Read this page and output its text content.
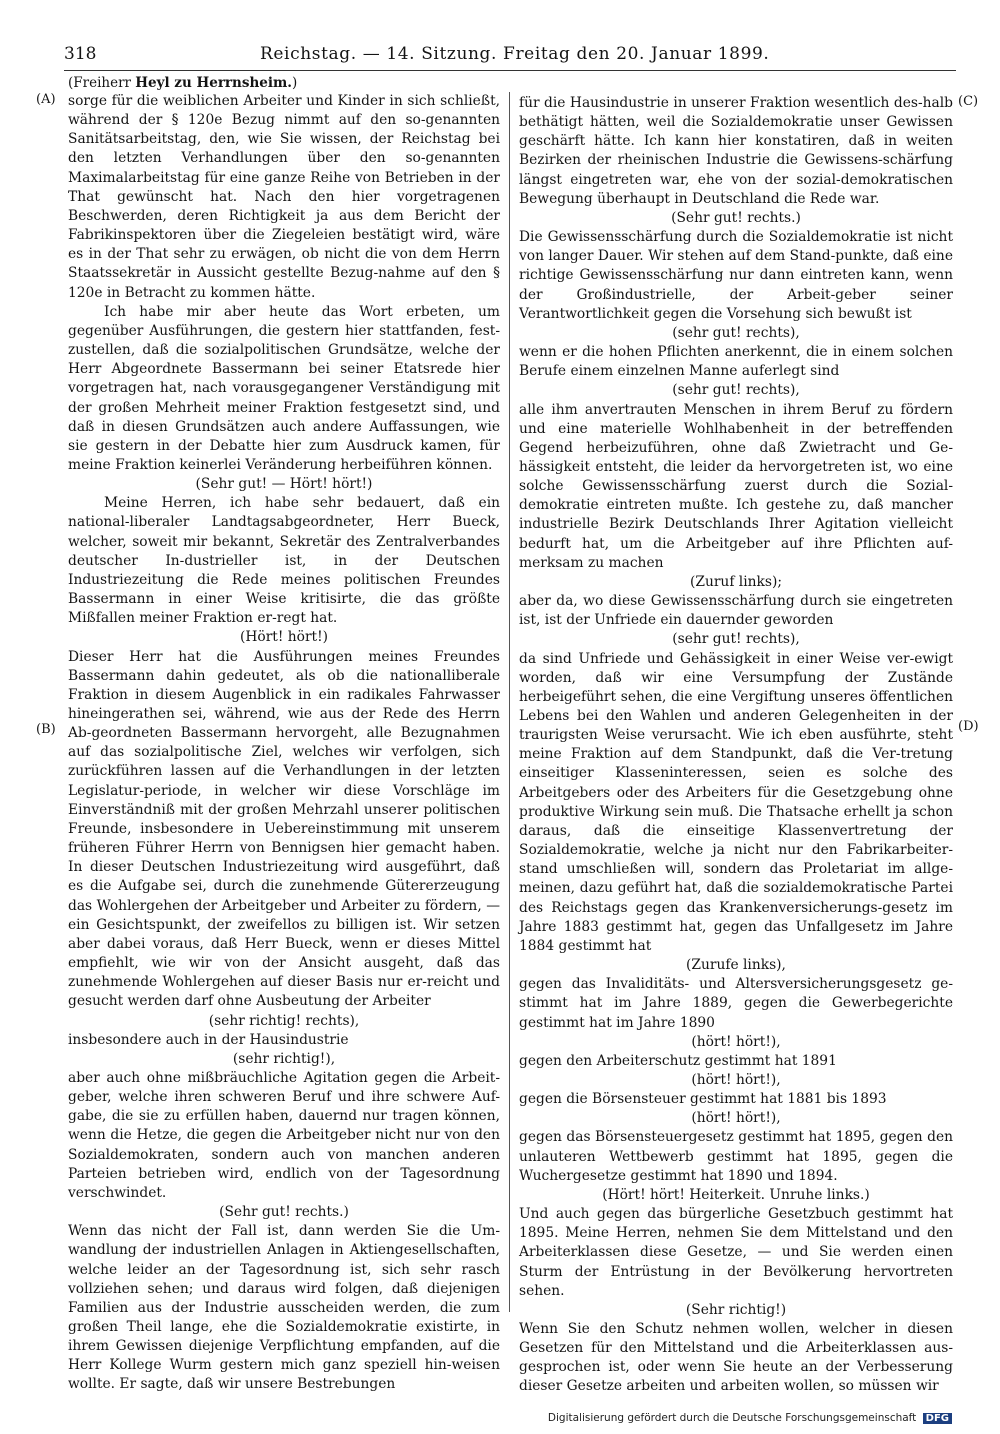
318	Reichstag. — 14. Sitzung. Freitag den 20. Januar 1899.
(Freiherr Heyl zu Herrnsheim.)
(A)
(B)
(C)
(D)

sorge für die weiblichen Arbeiter und Kinder in sich schließt, während der § 120e Bezug nimmt auf den so-genannten Sanitätsarbeitstag, den, wie Sie wissen, der Reichstag bei den letzten Verhandlungen über den so-genannten Maximalarbeitstag für eine ganze Reihe von Betrieben in der That gewünscht hat. Nach den hier vorgetragenen Beschwerden, deren Richtigkeit ja aus dem Bericht der Fabrikinspektoren über die Ziegeleien bestätigt wird, wäre es in der That sehr zu erwägen, ob nicht die von dem Herrn Staatssekretär in Aussicht gestellte Bezug-nahme auf den § 120e in Betracht zu kommen hätte.

Ich habe mir aber heute das Wort erbeten, um gegenüber Ausführungen, die gestern hier stattfanden, fest-zustellen, daß die sozialpolitischen Grundsätze, welche der Herr Abgeordnete Bassermann bei seiner Etatsrede hier vorgetragen hat, nach vorausgegangener Verständigung mit der großen Mehrheit meiner Fraktion festgesetzt sind, und daß in diesen Grundsätzen auch andere Auffassungen, wie sie gestern in der Debatte hier zum Ausdruck kamen, für meine Fraktion keinerlei Veränderung herbeiführen können.

(Sehr gut! — Hört! hört!)

Meine Herren, ich habe sehr bedauert, daß ein national-liberaler Landtagsabgeordneter, Herr Bueck, welcher, soweit mir bekannt, Sekretär des Zentralverbandes deutscher In-dustrieller ist, in der Deutschen Industriezeitung die Rede meines politischen Freundes Bassermann in einer Weise kritisirte, die das größte Mißfallen meiner Fraktion er-regt hat.

(Hört! hört!)

Dieser Herr hat die Ausführungen meines Freundes Bassermann dahin gedeutet, als ob die nationalliberale Fraktion in diesem Augenblick in ein radikales Fahrwasser hineingerathen sei, während, wie aus der Rede des Herrn Ab-geordneten Bassermann hervorgeht, alle Bezugnahmen auf das sozialpolitische Ziel, welches wir verfolgen, sich zurückführen lassen auf die Verhandlungen in der letzten Legislatur-periode, in welcher wir diese Vorschläge im Einverständniß mit der großen Mehrzahl unserer politischen Freunde, insbesondere in Uebereinstimmung mit unserem früheren Führer Herrn von Bennigsen hier gemacht haben. In dieser Deutschen Industriezeitung wird ausgeführt, daß es die Aufgabe sei, durch die zunehmende Gütererzeugung das Wohlergehen der Arbeitgeber und Arbeiter zu fördern, — ein Gesichtspunkt, der zweifellos zu billigen ist. Wir setzen aber dabei voraus, daß Herr Bueck, wenn er dieses Mittel empfiehlt, wie wir von der Ansicht ausgeht, daß das zunehmende Wohlergehen auf dieser Basis nur er-reicht und gesucht werden darf ohne Ausbeutung der Arbeiter

(sehr richtig! rechts),

insbesondere auch in der Hausindustrie

(sehr richtig!),

aber auch ohne mißbräuchliche Agitation gegen die Arbeit-geber, welche ihren schweren Beruf und ihre schwere Auf-gabe, die sie zu erfüllen haben, dauernd nur tragen können, wenn die Hetze, die gegen die Arbeitgeber nicht nur von den Sozialdemokraten, sondern auch von manchen anderen Parteien betrieben wird, endlich von der Tagesordnung verschwindet.

(Sehr gut! rechts.)

Wenn das nicht der Fall ist, dann werden Sie die Um-wandlung der industriellen Anlagen in Aktiengesellschaften, welche leider an der Tagesordnung ist, sich sehr rasch vollziehen sehen; und daraus wird folgen, daß diejenigen Familien aus der Industrie ausscheiden werden, die zum großen Theil lange, ehe die Sozialdemokratie existirte, in ihrem Gewissen diejenige Verpflichtung empfanden, auf die Herr Kollege Wurm gestern mich ganz speziell hin-weisen wollte. Er sagte, daß wir unsere Bestrebungen

für die Hausindustrie in unserer Fraktion wesentlich des-halb bethätigt hätten, weil die Sozialdemokratie unser Gewissen geschärft hätte. Ich kann hier konstatiren, daß in weiten Bezirken der rheinischen Industrie die Gewissens-schärfung längst eingetreten war, ehe von der sozial-demokratischen Bewegung überhaupt in Deutschland die Rede war.

(Sehr gut! rechts.)

Die Gewissensschärfung durch die Sozialdemokratie ist nicht von langer Dauer. Wir stehen auf dem Stand-punkte, daß eine richtige Gewissensschärfung nur dann eintreten kann, wenn der Großindustrielle, der Arbeit-geber seiner Verantwortlichkeit gegen die Vorsehung sich bewußt ist

(sehr gut! rechts),

wenn er die hohen Pflichten anerkennt, die in einem solchen Berufe einem einzelnen Manne auferlegt sind

(sehr gut! rechts),

alle ihm anvertrauten Menschen in ihrem Beruf zu fördern und eine materielle Wohlhabenheit in der betreffenden Gegend herbeizuführen, ohne daß Zwietracht und Ge-hässigkeit entsteht, die leider da hervorgetreten ist, wo eine solche Gewissensschärfung zuerst durch die Sozial-demokratie eintreten mußte. Ich gestehe zu, daß mancher industrielle Bezirk Deutschlands Ihrer Agitation vielleicht bedurft hat, um die Arbeitgeber auf ihre Pflichten auf-merksam zu machen

(Zuruf links);

aber da, wo diese Gewissensschärfung durch sie eingetreten ist, ist der Unfriede ein dauernder geworden

(sehr gut! rechts),

da sind Unfriede und Gehässigkeit in einer Weise ver-ewigt worden, daß wir eine Versumpfung der Zustände herbeigeführt sehen, die eine Vergiftung unseres öffentlichen Lebens bei den Wahlen und anderen Gelegenheiten in der traurigsten Weise verursacht. Wie ich eben ausführte, steht meine Fraktion auf dem Standpunkt, daß die Ver-tretung einseitiger Klasseninteressen, seien es solche des Arbeitgebers oder des Arbeiters für die Gesetzgebung ohne produktive Wirkung sein muß. Die Thatsache erhellt ja schon daraus, daß die einseitige Klassenvertretung der Sozialdemokratie, welche ja nicht nur den Fabrikarbeiter-stand umschließen will, sondern das Proletariat im allge-meinen, dazu geführt hat, daß die sozialdemokratische Partei des Reichstags gegen das Krankenversicherungs-gesetz im Jahre 1883 gestimmt hat, gegen das Unfallgesetz im Jahre 1884 gestimmt hat

(Zurufe links),

gegen das Invaliditäts- und Altersversicherungsgesetz ge-stimmt hat im Jahre 1889, gegen die Gewerbegerichte gestimmt hat im Jahre 1890

(hört! hört!),

gegen den Arbeiterschutz gestimmt hat 1891

(hört! hört!),

gegen die Börsensteuer gestimmt hat 1881 bis 1893

(hört! hört!),

gegen das Börsensteuergesetz gestimmt hat 1895, gegen den unlauteren Wettbewerb gestimmt hat 1895, gegen die Wuchergesetze gestimmt hat 1890 und 1894.

(Hört! hört! Heiterkeit. Unruhe links.)

Und auch gegen das bürgerliche Gesetzbuch gestimmt hat 1895. Meine Herren, nehmen Sie dem Mittelstand und den Arbeiterklassen diese Gesetze, — und Sie werden einen Sturm der Entrüstung in der Bevölkerung hervortreten sehen.

(Sehr richtig!)

Wenn Sie den Schutz nehmen wollen, welcher in diesen Gesetzen für den Mittelstand und die Arbeiterklassen aus-gesprochen ist, oder wenn Sie heute an der Verbesserung dieser Gesetze arbeiten und arbeiten wollen, so müssen wir

Digitalisierung gefördert durch die Deutsche Forschungsgemeinschaft DFG
